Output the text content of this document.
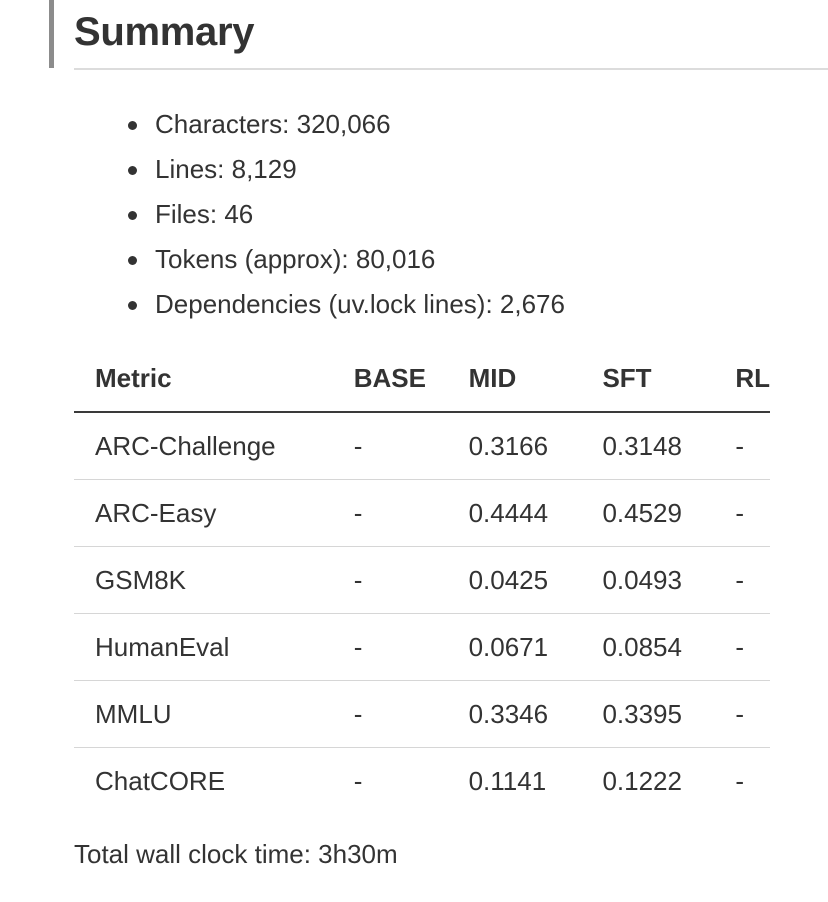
Summary
Characters: 320,066
Lines: 8,129
Files: 46
Tokens (approx): 80,016
Dependencies (uv.lock lines): 2,676
Metric	BASE	MID	SFT	RL
ARC-Challenge	-	0.3166	0.3148	-
ARC-Easy	-	0.4444	0.4529	-
GSM8K	-	0.0425	0.0493	-
HumanEval	-	0.0671	0.0854	-
MMLU	-	0.3346	0.3395	-
ChatCORE	-	0.1141	0.1222	-

Total wall clock time: 3h30m
